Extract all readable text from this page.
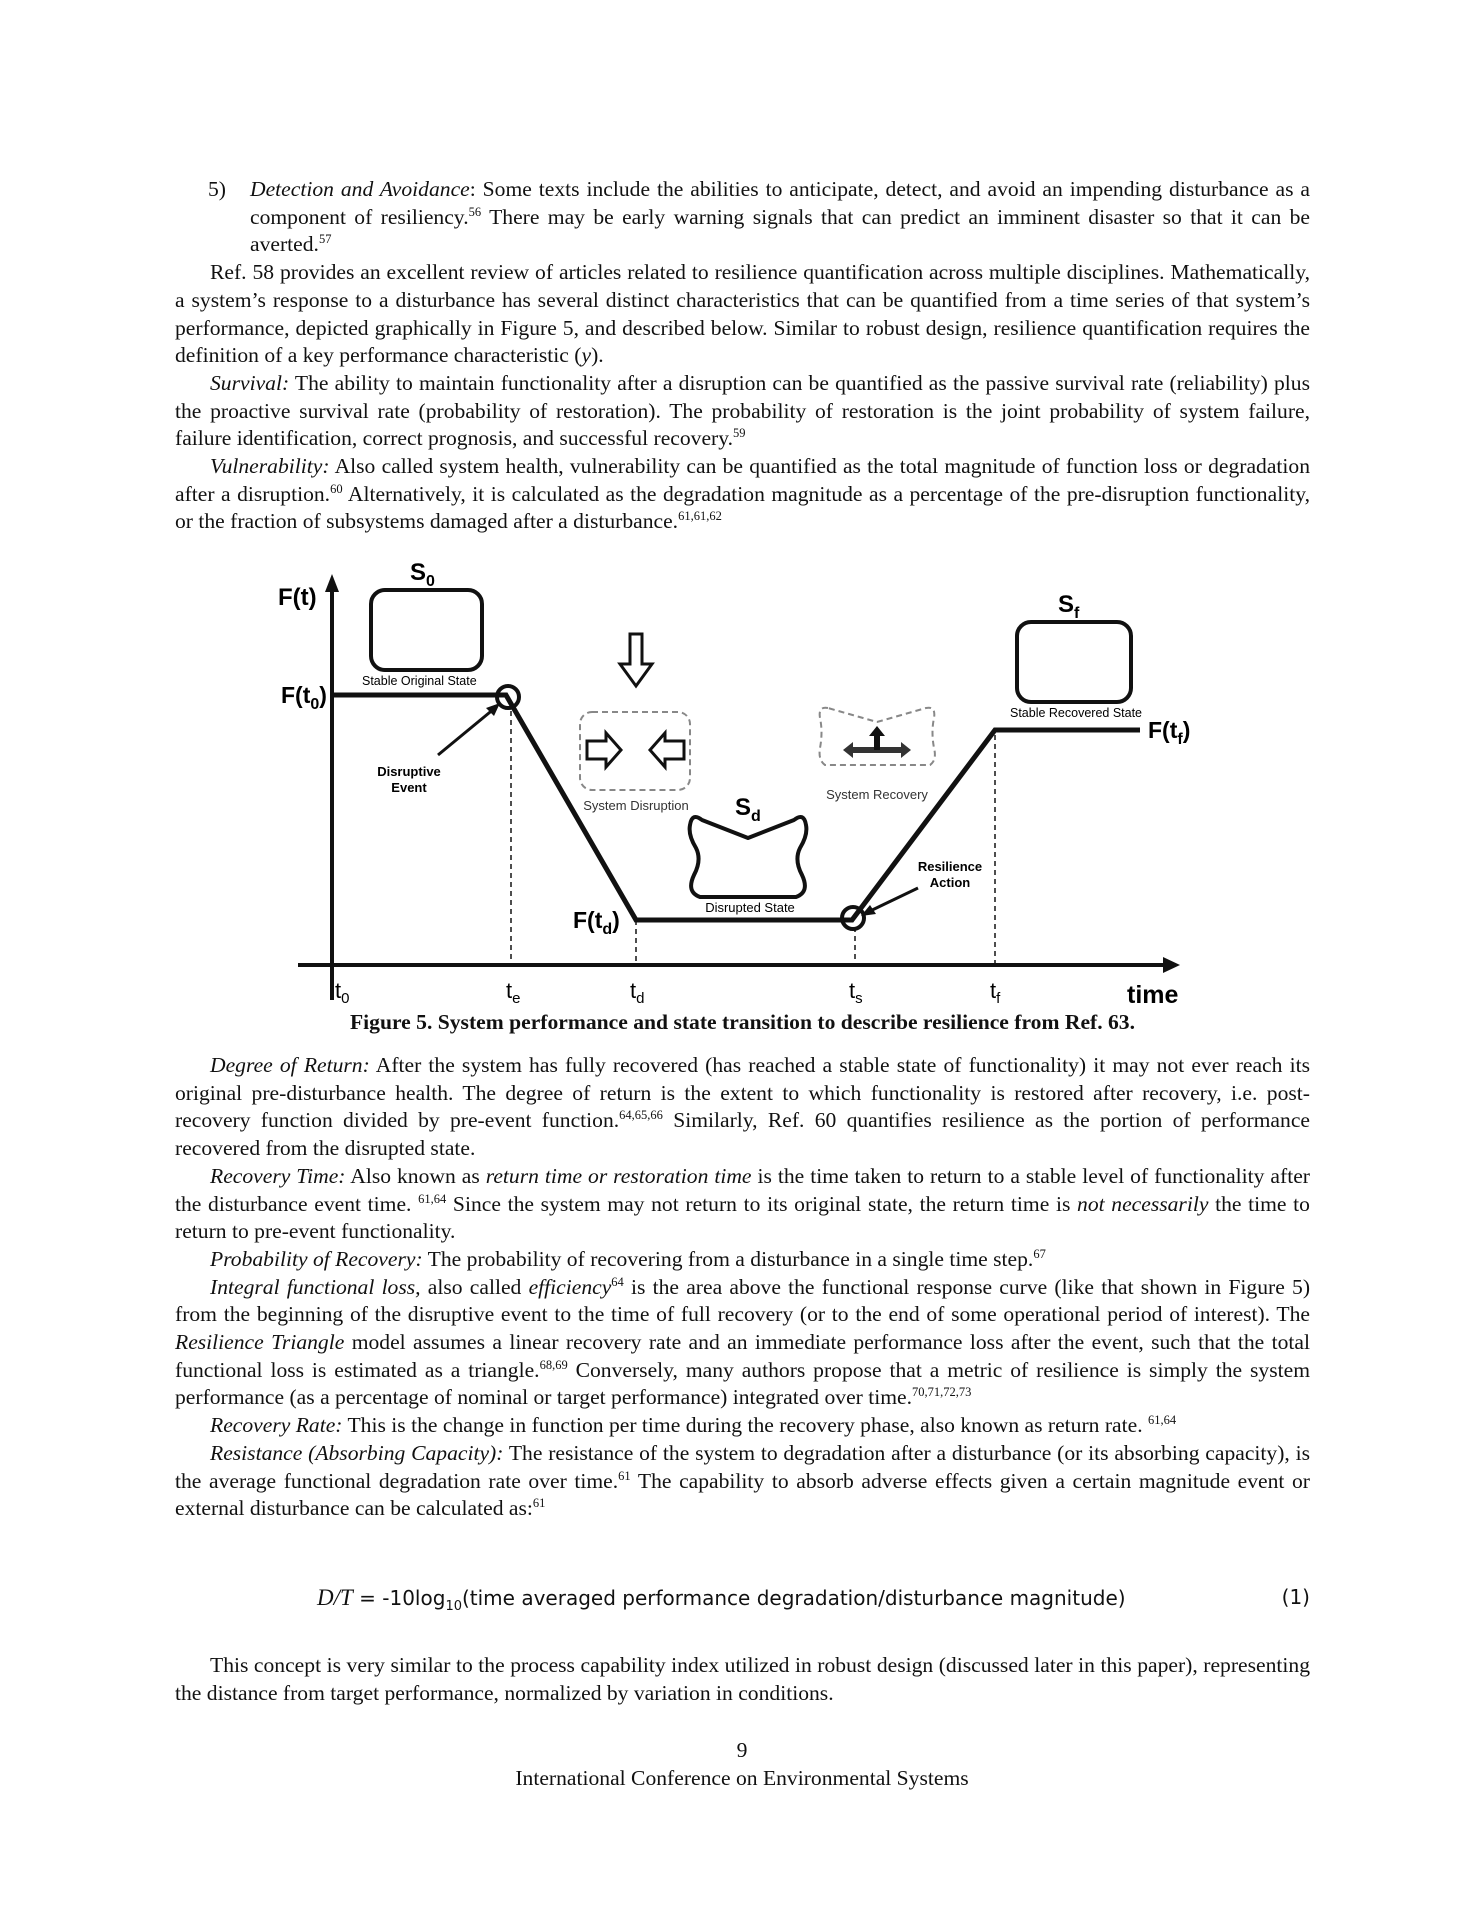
5) Detection and Avoidance: Some texts include the abilities to anticipate, detect, and avoid an impending disturbance as a component of resiliency.$^{56}$ There may be early warning signals that can predict an imminent disaster so that it can be averted.$^{57}$

Ref. 58 provides an excellent review of articles related to resilience quantification across multiple disciplines. Mathematically, a system’s response to a disturbance has several distinct characteristics that can be quantified from a time series of that system’s performance, depicted graphically in Figure 5, and described below. Similar to robust design, resilience quantification requires the definition of a key performance characteristic (y).

Survival: The ability to maintain functionality after a disruption can be quantified as the passive survival rate (reliability) plus the proactive survival rate (probability of restoration). The probability of restoration is the joint probability of system failure, failure identification, correct prognosis, and successful recovery.$^{59}$

Vulnerability: Also called system health, vulnerability can be quantified as the total magnitude of function loss or degradation after a disruption.$^{60}$ Alternatively, it is calculated as the degradation magnitude as a percentage of the pre-disruption functionality, or the fraction of subsystems damaged after a disturbance.$^{61,61,62}$

F(t)
time
$F(t_0)$
$F(t_d)$
$F(t_f)$
$t_0$	$t_e$	$t_d$	$t_s$	$t_f$
$S_0$
Stable Original State
Disruptive
Event
System Disruption $S_d$
Disrupted State
System Recovery
Resilience
Action
$S_f$
Stable Recovered State
Figure 5. System performance and state transition to describe resilience from Ref. 63.

Degree of Return: After the system has fully recovered (has reached a stable state of functionality) it may not ever reach its original pre-disturbance health. The degree of return is the extent to which functionality is restored after recovery, i.e. post-recovery function divided by pre-event function.$^{64,65,66}$ Similarly, Ref. 60 quantifies resilience as the portion of performance recovered from the disrupted state.

Recovery Time: Also known as return time or restoration time is the time taken to return to a stable level of functionality after the disturbance event time. $^{61,64}$ Since the system may not return to its original state, the return time is not necessarily the time to return to pre-event functionality.

Probability of Recovery: The probability of recovering from a disturbance in a single time step.$^{67}$

Integral functional loss, also called efficiency$^{64}$ is the area above the functional response curve (like that shown in Figure 5) from the beginning of the disruptive event to the time of full recovery (or to the end of some operational period of interest). The Resilience Triangle model assumes a linear recovery rate and an immediate performance loss after the event, such that the total functional loss is estimated as a triangle.$^{68,69}$ Conversely, many authors propose that a metric of resilience is simply the system performance (as a percentage of nominal or target performance) integrated over time.$^{70,71,72,73}$

Recovery Rate: This is the change in function per time during the recovery phase, also known as return rate. $^{61,64}$

Resistance (Absorbing Capacity): The resistance of the system to degradation after a disturbance (or its absorbing capacity), is the average functional degradation rate over time.$^{61}$ The capability to absorb adverse effects given a certain magnitude event or external disturbance can be calculated as:$^{61}$

$D/T = -10\log_{10}(time$ averaged performance degradation/disturbance magnitude)	(1)

This concept is very similar to the process capability index utilized in robust design (discussed later in this paper), representing the distance from target performance, normalized by variation in conditions.

9
International Conference on Environmental Systems
